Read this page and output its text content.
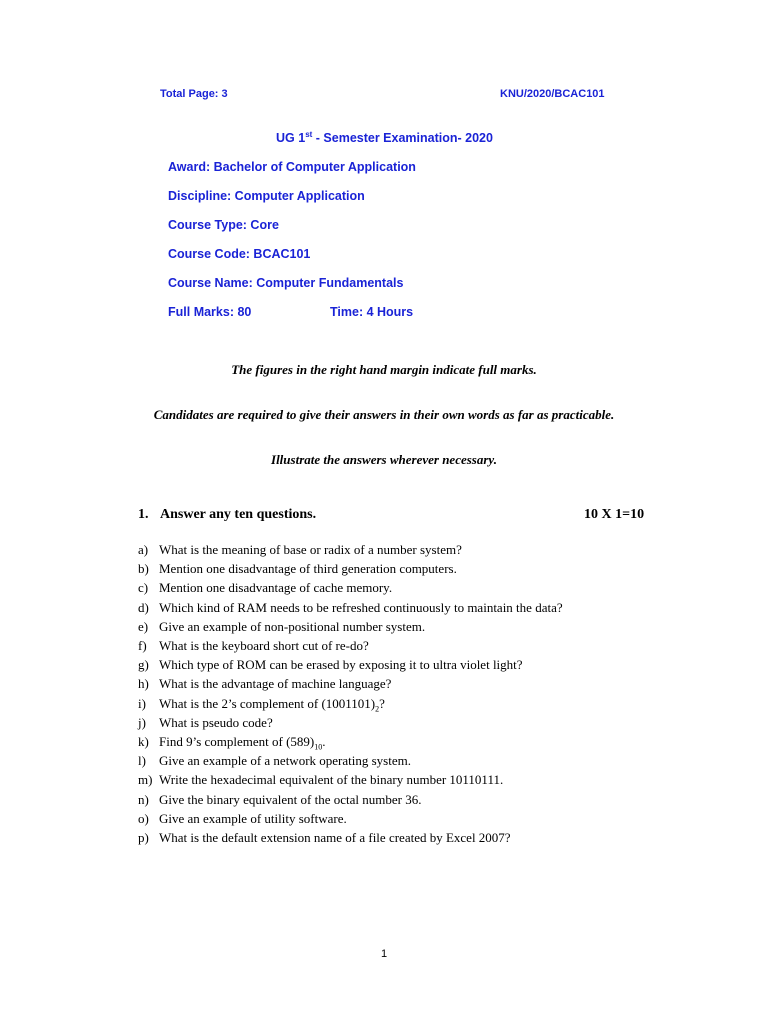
Total Page: 3	KNU/2020/BCAC101
UG 1st - Semester Examination- 2020
Award: Bachelor of Computer Application
Discipline: Computer Application
Course Type: Core
Course Code: BCAC101
Course Name: Computer Fundamentals
Full Marks: 80	Time: 4 Hours
The figures in the right hand margin indicate full marks.
Candidates are required to give their answers in their own words as far as practicable.
Illustrate the answers wherever necessary.
1. Answer any ten questions.	10 X 1=10
a) What is the meaning of base or radix of a number system?
b) Mention one disadvantage of third generation computers.
c) Mention one disadvantage of cache memory.
d) Which kind of RAM needs to be refreshed continuously to maintain the data?
e) Give an example of non-positional number system.
f) What is the keyboard short cut of re-do?
g) Which type of ROM can be erased by exposing it to ultra violet light?
h) What is the advantage of machine language?
i)	What is the 2’s complement of $(1001101)_2$?
j)	What is pseudo code?
k) Find 9’s complement of $(589)_{10}$.
l)	Give an example of a network operating system.
m) Write the hexadecimal equivalent of the binary number 10110111.
n) Give the binary equivalent of the octal number 36.
o) Give an example of utility software.
p) What is the default extension name of a file created by Excel 2007?
1
